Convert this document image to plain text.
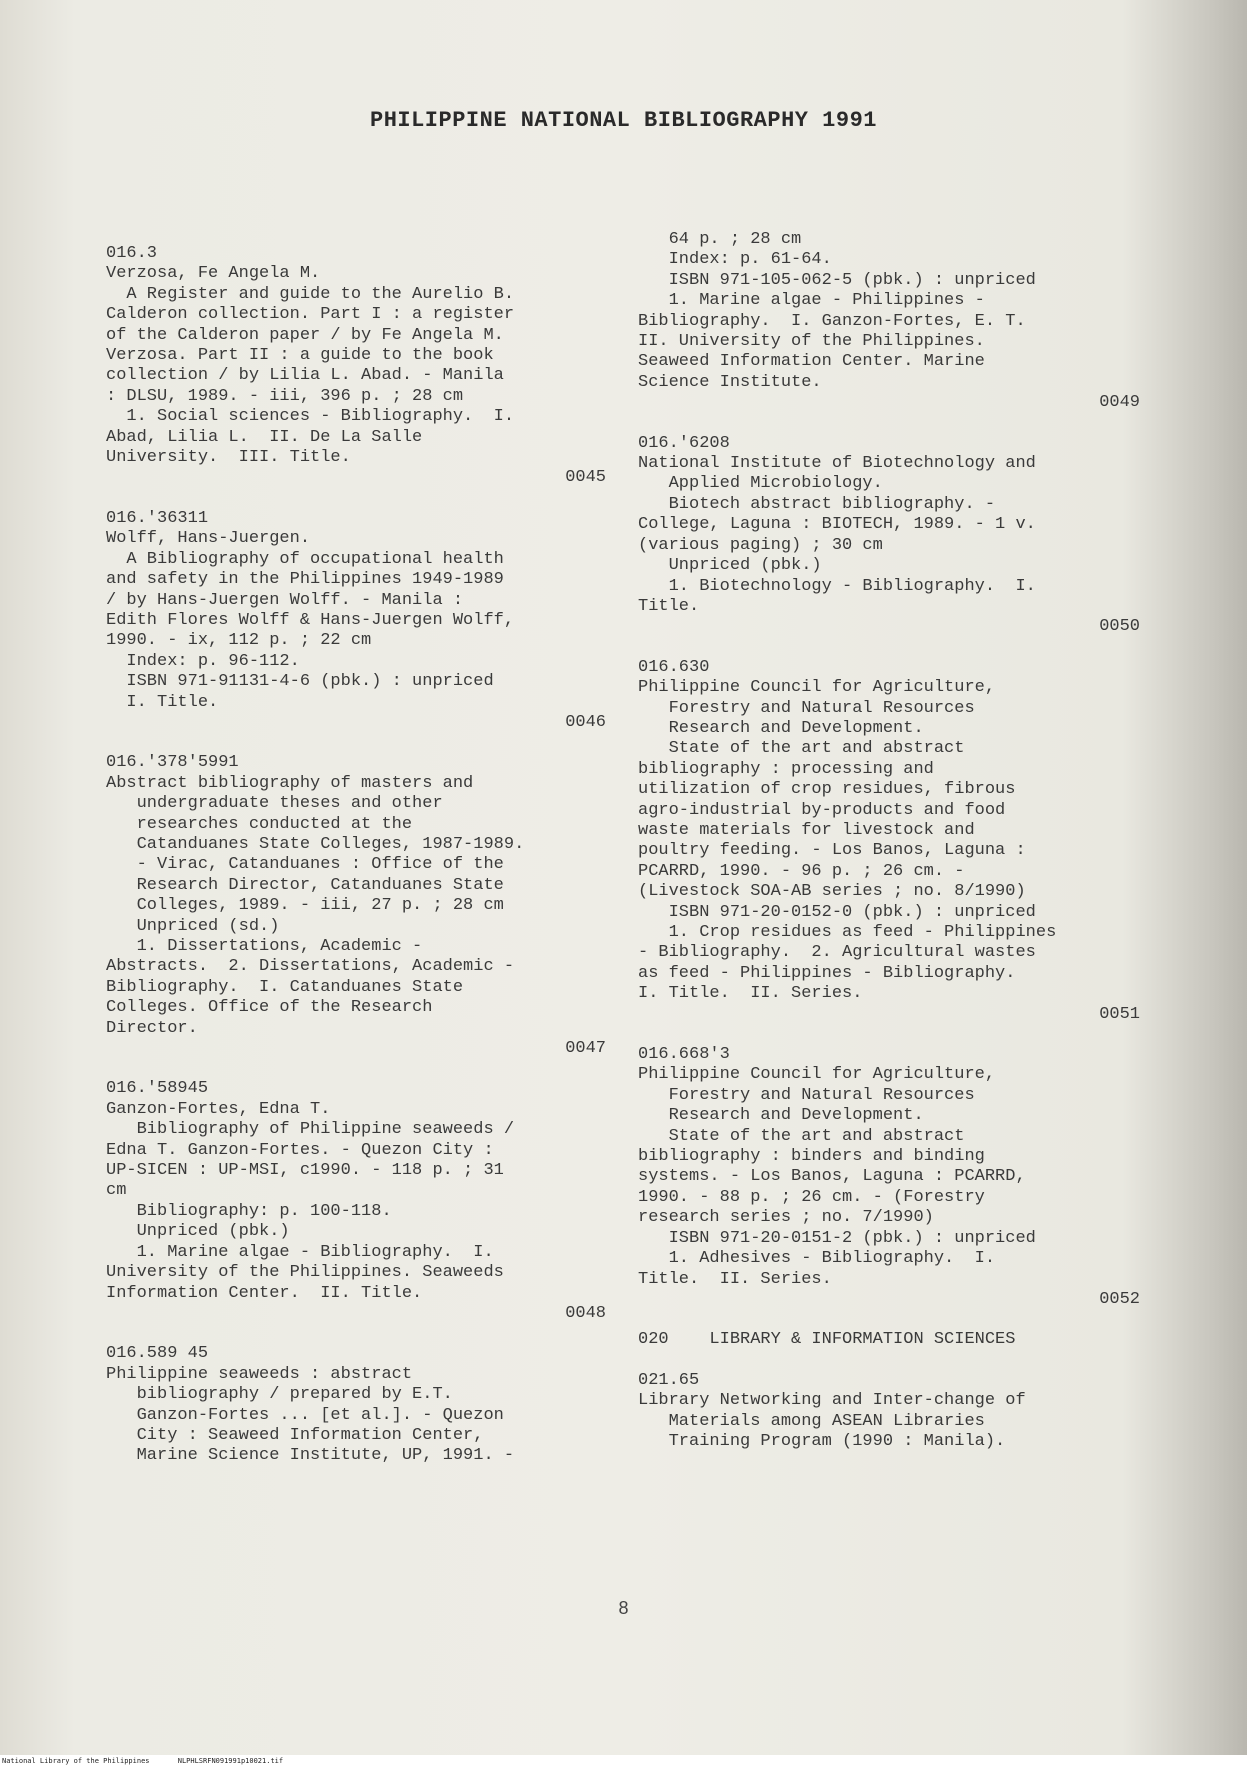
PHILIPPINE NATIONAL BIBLIOGRAPHY 1991
016.3
Verzosa, Fe Angela M.
A Register and guide to the Aurelio B.
Calderon collection. Part I : a register
of the Calderon paper / by Fe Angela M.
Verzosa. Part II : a guide to the book
collection / by Lilia L. Abad. - Manila
: DLSU, 1989. - iii, 396 p. ; 28 cm
1. Social sciences - Bibliography.  I.
Abad, Lilia L.  II. De La Salle
University.  III. Title.
0045
016.'36311
Wolff, Hans-Juergen.
A Bibliography of occupational health
and safety in the Philippines 1949-1989
/ by Hans-Juergen Wolff. - Manila :
Edith Flores Wolff & Hans-Juergen Wolff,
1990. - ix, 112 p. ; 22 cm
Index: p. 96-112.
ISBN 971-91131-4-6 (pbk.) : unpriced
I. Title.
0046
016.'378'5991
Abstract bibliography of masters and
undergraduate theses and other
researches conducted at the
Catanduanes State Colleges, 1987-1989.
- Virac, Catanduanes : Office of the
Research Director, Catanduanes State
Colleges, 1989. - iii, 27 p. ; 28 cm
Unpriced (sd.)
1. Dissertations, Academic -
Abstracts.  2. Dissertations, Academic -
Bibliography.  I. Catanduanes State
Colleges. Office of the Research
Director.
0047
016.'58945
Ganzon-Fortes, Edna T.
Bibliography of Philippine seaweeds /
Edna T. Ganzon-Fortes. - Quezon City :
UP-SICEN : UP-MSI, c1990. - 118 p. ; 31
cm
Bibliography: p. 100-118.
Unpriced (pbk.)
1. Marine algae - Bibliography.  I.
University of the Philippines. Seaweeds
Information Center.  II. Title.
0048
016.589 45
Philippine seaweeds : abstract
bibliography / prepared by E.T.
Ganzon-Fortes ... [et al.]. - Quezon
City : Seaweed Information Center,
Marine Science Institute, UP, 1991. -
64 p. ; 28 cm
Index: p. 61-64.
ISBN 971-105-062-5 (pbk.) : unpriced
1. Marine algae - Philippines -
Bibliography.  I. Ganzon-Fortes, E. T.
II. University of the Philippines.
Seaweed Information Center. Marine
Science Institute.
0049
016.'6208
National Institute of Biotechnology and
Applied Microbiology.
Biotech abstract bibliography. -
College, Laguna : BIOTECH, 1989. - 1 v.
(various paging) ; 30 cm
Unpriced (pbk.)
1. Biotechnology - Bibliography.  I.
Title.
0050
016.630
Philippine Council for Agriculture,
Forestry and Natural Resources
Research and Development.
State of the art and abstract
bibliography : processing and
utilization of crop residues, fibrous
agro-industrial by-products and food
waste materials for livestock and
poultry feeding. - Los Banos, Laguna :
PCARRD, 1990. - 96 p. ; 26 cm. -
(Livestock SOA-AB series ; no. 8/1990)
ISBN 971-20-0152-0 (pbk.) : unpriced
1. Crop residues as feed - Philippines
- Bibliography.  2. Agricultural wastes
as feed - Philippines - Bibliography.
I. Title.  II. Series.
0051
016.668'3
Philippine Council for Agriculture,
Forestry and Natural Resources
Research and Development.
State of the art and abstract
bibliography : binders and binding
systems. - Los Banos, Laguna : PCARRD,
1990. - 88 p. ; 26 cm. - (Forestry
research series ; no. 7/1990)
ISBN 971-20-0151-2 (pbk.) : unpriced
1. Adhesives - Bibliography.  I.
Title.  II. Series.
0052
020    LIBRARY & INFORMATION SCIENCES
021.65
Library Networking and Inter-change of
Materials among ASEAN Libraries
Training Program (1990 : Manila).
8
National Library of the Philippines	NLPHLSRFN091991p10021.tif
